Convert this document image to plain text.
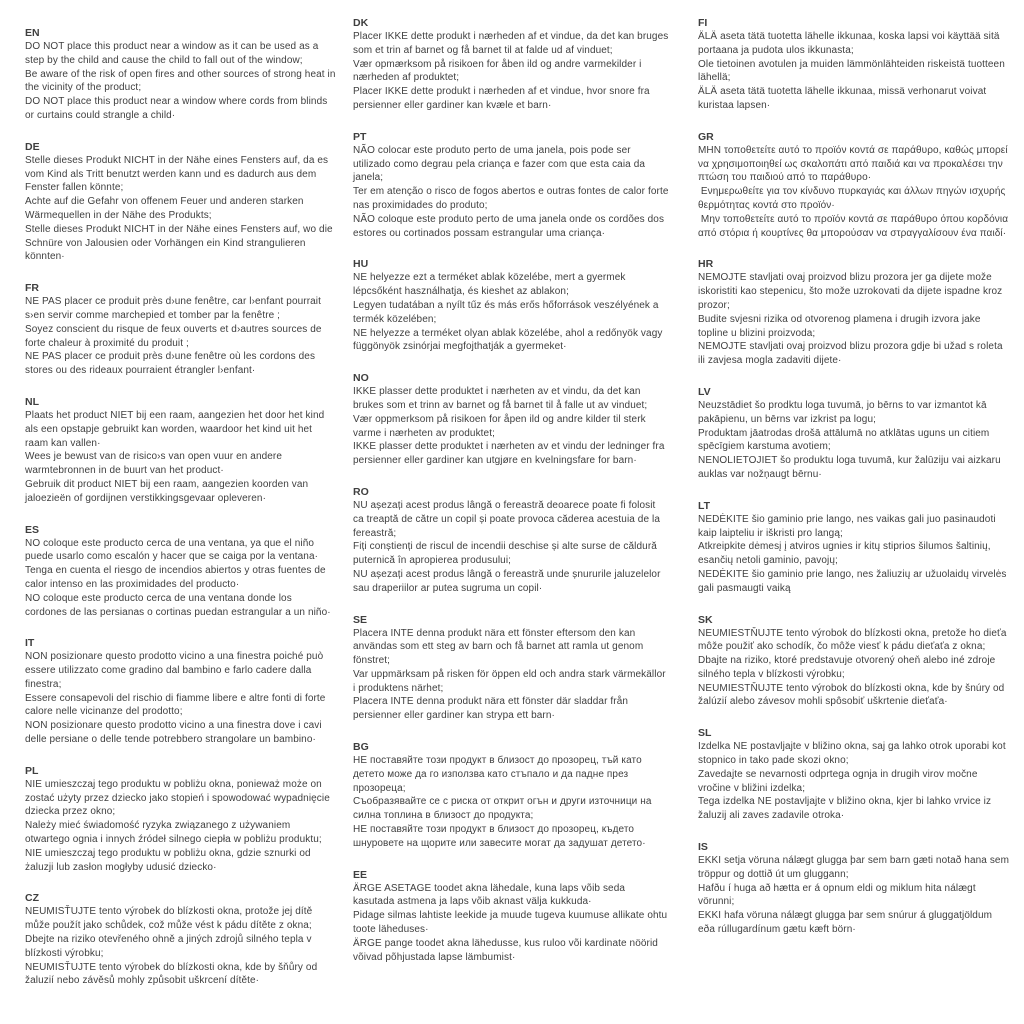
EN

DO NOT place this product near a window as it can be used as a step by the child and cause the child to fall out of the window;

Be aware of the risk of open fires and other sources of strong heat in the vicinity of the product;

DO NOT place this product near a window where cords from blinds or curtains could strangle a child·

DE

Stelle dieses Produkt NICHT in der Nähe eines Fensters auf, da es vom Kind als Tritt benutzt werden kann und es dadurch aus dem Fenster fallen könnte;

Achte auf die Gefahr von offenem Feuer und anderen starken Wärmequellen in der Nähe des Produkts;

Stelle dieses Produkt NICHT in der Nähe eines Fensters auf, wo die Schnüre von Jalousien oder Vorhängen ein Kind strangulieren könnten·

FR

NE PAS placer ce produit près d›une fenêtre, car l›enfant pourrait s›en servir comme marchepied et tomber par la fenêtre ;

Soyez conscient du risque de feux ouverts et d›autres sources de forte chaleur à proximité du produit ;

NE PAS placer ce produit près d›une fenêtre où les cordons des stores ou des rideaux pourraient étrangler l›enfant·

NL

Plaats het product NIET bij een raam, aangezien het door het kind als een opstapje gebruikt kan worden, waardoor het kind uit het raam kan vallen·

Wees je bewust van de risico›s van open vuur en andere warmtebronnen in de buurt van het product·

Gebruik dit product NIET bij een raam, aangezien koorden van jaloezieën of gordijnen verstikkingsgevaar opleveren·

ES

NO coloque este producto cerca de una ventana, ya que el niño puede usarlo como escalón y hacer que se caiga por la ventana·

Tenga en cuenta el riesgo de incendios abiertos y otras fuentes de calor intenso en las proximidades del producto·

NO coloque este producto cerca de una ventana donde los cordones de las persianas o cortinas puedan estrangular a un niño·

IT

NON posizionare questo prodotto vicino a una finestra poiché può essere utilizzato come gradino dal bambino e farlo cadere dalla finestra;

Essere consapevoli del rischio di fiamme libere e altre fonti di forte calore nelle vicinanze del prodotto;

NON posizionare questo prodotto vicino a una finestra dove i cavi delle persiane o delle tende potrebbero strangolare un bambino·

PL

NIE umieszczaj tego produktu w pobliżu okna, ponieważ może on zostać użyty przez dziecko jako stopień i spowodować wypadnięcie dziecka przez okno;

Należy mieć świadomość ryzyka związanego z używaniem otwartego ognia i innych źródeł silnego ciepła w pobliżu produktu;

NIE umieszczaj tego produktu w pobliżu okna, gdzie sznurki od żaluzji lub zasłon mogłyby udusić dziecko·

CZ

NEUMISŤUJTE tento výrobek do blízkosti okna, protože jej dítě může použít jako schůdek, což může vést k pádu dítěte z okna;

Dbejte na riziko otevřeného ohně a jiných zdrojů silného tepla v blízkosti výrobku;

NEUMISŤUJTE tento výrobek do blízkosti okna, kde by šňůry od žaluzií nebo závěsů mohly způsobit uškrcení dítěte·

DK

Placer IKKE dette produkt i nærheden af et vindue, da det kan bruges som et trin af barnet og få barnet til at falde ud af vinduet;

Vær opmærksom på risikoen for åben ild og andre varmekilder i nærheden af produktet;

Placer IKKE dette produkt i nærheden af et vindue, hvor snore fra persienner eller gardiner kan kvæle et barn·

PT

NÃO colocar este produto perto de uma janela, pois pode ser utilizado como degrau pela criança e fazer com que esta caia da janela;

Ter em atenção o risco de fogos abertos e outras fontes de calor forte nas proximidades do produto;

NÃO coloque este produto perto de uma janela onde os cordões dos estores ou cortinados possam estrangular uma criança·

HU

NE helyezze ezt a terméket ablak közelébe, mert a gyermek lépcsőként használhatja, és kieshet az ablakon;

Legyen tudatában a nyílt tűz és más erős hőforrások veszélyének a termék közelében;

NE helyezze a terméket olyan ablak közelébe, ahol a redőnyök vagy függönyök zsinórjai megfojthatják a gyermeket·

NO

IKKE plasser dette produktet i nærheten av et vindu, da det kan brukes som et trinn av barnet og få barnet til å falle ut av vinduet;

Vær oppmerksom på risikoen for åpen ild og andre kilder til sterk varme i nærheten av produktet;

IKKE plasser dette produktet i nærheten av et vindu der ledninger fra persienner eller gardiner kan utgjøre en kvelningsfare for barn·

RO

NU așezați acest produs lângă o fereastră deoarece poate fi folosit ca treaptă de către un copil și poate provoca căderea acestuia de la fereastră;

Fiți conștienți de riscul de incendii deschise și alte surse de căldură puternică în apropierea produsului;

NU așezați acest produs lângă o fereastră unde șnururile jaluzelelor sau draperiilor ar putea sugruma un copil·

SE

Placera INTE denna produkt nära ett fönster eftersom den kan användas som ett steg av barn och få barnet att ramla ut genom fönstret;

Var uppmärksam på risken för öppen eld och andra stark värmekällor i produktens närhet;

Placera INTE denna produkt nära ett fönster där sladdar från persienner eller gardiner kan strypa ett barn·

BG

НЕ поставяйте този продукт в близост до прозорец, тъй като детето може да го използва като стъпало и да падне през прозореца;

Съобразявайте се с риска от открит огън и други източници на силна топлина в близост до продукта;

НЕ поставяйте този продукт в близост до прозорец, където шнуровете на щорите или завесите могат да задушат детето·

EE

ÄRGE ASETAGE toodet akna lähedale, kuna laps võib seda kasutada astmena ja laps võib aknast välja kukkuda·

Pidage silmas lahtiste leekide ja muude tugeva kuumuse allikate ohtu toote läheduses·

ÄRGE pange toodet akna lähedusse, kus ruloo või kardinate nöörid võivad põhjustada lapse lämbumist·

FI

ÄLÄ aseta tätä tuotetta lähelle ikkunaa, koska lapsi voi käyttää sitä portaana ja pudota ulos ikkunasta;

Ole tietoinen avotulen ja muiden lämmönlähteiden riskeistä tuotteen lähellä;

ÄLÄ aseta tätä tuotetta lähelle ikkunaa, missä verhonarut voivat kuristaa lapsen·

GR

MHN τοποθετείτε αυτό το προϊόν κοντά σε παράθυρο, καθώς μπορεί να χρησιμοποιηθεί ως σκαλοπάτι από παιδιά και να προκαλέσει την πτώση του παιδιού από το παράθυρο·

Ενημερωθείτε για τον κίνδυνο πυρκαγιάς και άλλων πηγών ισχυρής θερμότητας κοντά στο προϊόν·

Μην τοποθετείτε αυτό το προϊόν κοντά σε παράθυρο όπου κορδόνια από στόρια ή κουρτίνες θα μπορούσαν να στραγγαλίσουν ένα παιδί·

HR

NEMOJTE stavljati ovaj proizvod blizu prozora jer ga dijete može iskoristiti kao stepenicu, što može uzrokovati da dijete ispadne kroz prozor;

Budite svjesni rizika od otvorenog plamena i drugih izvora jake topline u blizini proizvoda;

NEMOJTE stavljati ovaj proizvod blizu prozora gdje bi užad s roleta ili zavjesa mogla zadaviti dijete·

LV

Neuzstādiet šo prodktu loga tuvumā, jo bērns to var izmantot kā pakāpienu, un bērns var izkrist pa logu;

Produktam jāatrodas drošā attālumā no atklātas uguns un citiem spēcīgiem karstuma avotiem;

NENOLIETOJIET šo produktu loga tuvumā, kur žalūziju vai aizkaru auklas var nožņaugt bērnu·

LT

NEDĖKITE šio gaminio prie lango, nes vaikas gali juo pasinaudoti kaip laipteliu ir iškristi pro langą;

Atkreipkite dėmesį į atviros ugnies ir kitų stiprios šilumos šaltinių, esančių netoli gaminio, pavojų;

NEDĖKITE šio gaminio prie lango, nes žaliuzių ar užuolaidų virvelės gali pasmaugti vaiką

SK

NEUMIESTŇUJTE tento výrobok do blízkosti okna, pretože ho dieťa môže použiť ako schodík, čo môže viesť k pádu dieťaťa z okna;

Dbajte na riziko, ktoré predstavuje otvorený oheň alebo iné zdroje silného tepla v blízkosti výrobku;

NEUMIESTŇUJTE tento výrobok do blízkosti okna, kde by šnúry od žalúzií alebo závesov mohli spôsobiť uškrtenie dieťaťa·

SL

Izdelka NE postavljajte v bližino okna, saj ga lahko otrok uporabi kot stopnico in tako pade skozi okno;

Zavedajte se nevarnosti odprtega ognja in drugih virov močne vročine v bližini izdelka;

Tega izdelka NE postavljajte v bližino okna, kjer bi lahko vrvice iz žaluzij ali zaves zadavile otroka·

IS

EKKI setja vöruna nálægt glugga þar sem barn gæti notað hana sem tröppur og dottið út um gluggann;

Hafðu í huga að hætta er á opnum eldi og miklum hita nálægt vörunni;

EKKI hafa vöruna nálægt glugga þar sem snúrur á gluggatjöldum eða rúllugardínum gætu kæft börn·
